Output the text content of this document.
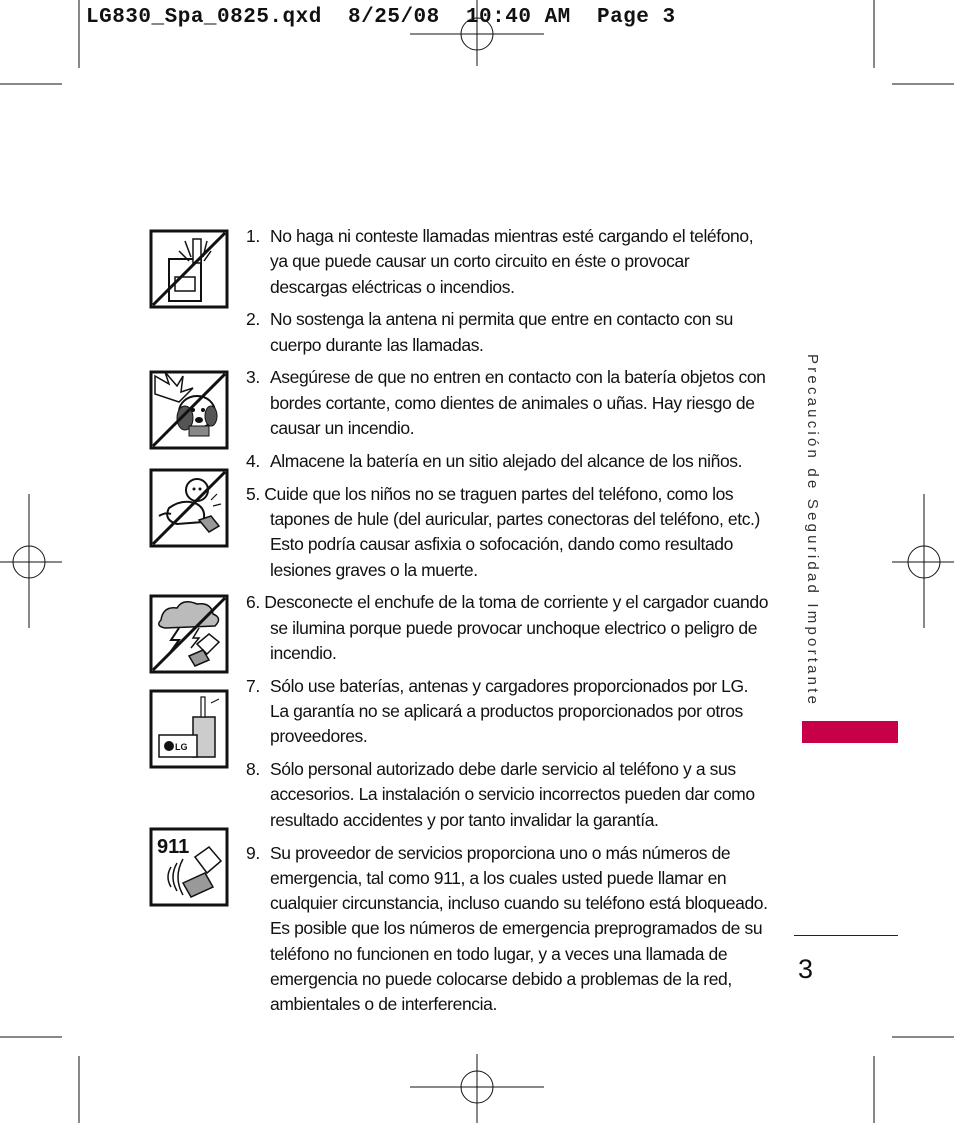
LG830_Spa_0825.qxd  8/25/08  10:40 AM  Page 3
LG
911
1. No haga ni conteste llamadas mientras esté cargando el teléfono, ya que puede causar un corto circuito en éste o provocar descargas eléctricas o incendios.
2. No sostenga la antena ni permita que entre en contacto con su cuerpo durante las llamadas.
3. Asegúrese de que no entren en contacto con la batería objetos con bordes cortante, como dientes de animales o uñas. Hay riesgo de causar un incendio.
4. Almacene la batería en un sitio alejado del alcance de los niños.
5. Cuide que los niños no se traguen partes del teléfono, como los tapones de hule (del auricular, partes conectoras del teléfono, etc.) Esto podría causar asfixia o sofocación, dando como resultado lesiones graves o la muerte.
6. Desconecte el enchufe de la toma de corriente y el cargador cuando se ilumina porque puede provocar unchoque electrico o peligro de incendio.
7. Sólo use baterías, antenas y cargadores proporcionados por LG.
La garantía no se aplicará a productos proporcionados por otros proveedores.
8. Sólo personal autorizado debe darle servicio al teléfono y a sus accesorios. La instalación o servicio incorrectos pueden dar como resultado accidentes y por tanto invalidar la garantía.
9. Su proveedor de servicios proporciona uno o más números de emergencia, tal como 911, a los cuales usted puede llamar en cualquier circunstancia, incluso cuando su teléfono está bloqueado. Es posible que los números de emergencia preprogramados de su teléfono no funcionen en todo lugar, y a veces una llamada de emergencia no puede colocarse debido a problemas de la red, ambientales o de interferencia.
Precaución de Seguridad Importante
3
